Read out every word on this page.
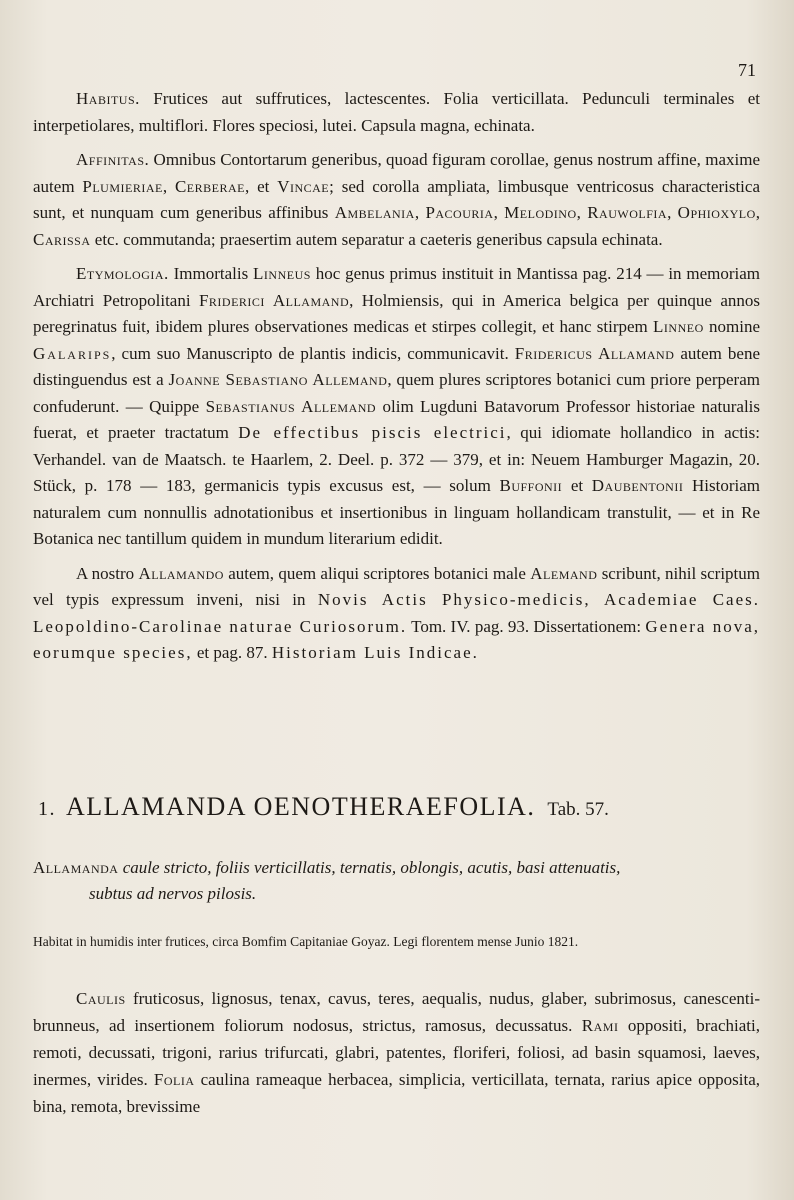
71

Habitus. Frutices aut suffrutices, lactescentes. Folia verticillata. Pedunculi terminales et interpetiolares, multiflori. Flores speciosi, lutei. Capsula magna, echinata.

Affinitas. Omnibus Contortarum generibus, quoad figuram corollae, genus nostrum affine, maxime autem Plumieriae, Cerberae, et Vincae; sed corolla ampliata, limbusque ventricosus characteristica sunt, et nunquam cum generibus affinibus Ambelania, Pacouria, Melodino, Rauwolfia, Ophioxylo, Carissa etc. commutanda; praesertim autem separatur a caeteris generibus capsula echinata.

Etymologia. Immortalis Linneus hoc genus primus instituit in Mantissa pag. 214 — in memoriam Archiatri Petropolitani Friderici Allamand, Holmiensis, qui in America belgica per quinque annos peregrinatus fuit, ibidem plures observationes medicas et stirpes collegit, et hanc stirpem Linneo nomine Galarips, cum suo Manuscripto de plantis indicis, communicavit. Fridericus Allamand autem bene distinguendus est a Joanne Sebastiano Allemand, quem plures scriptores botanici cum priore perperam confuderunt. — Quippe Sebastianus Allemand olim Lugduni Batavorum Professor historiae naturalis fuerat, et praeter tractatum De effectibus piscis electrici, qui idiomate hollandico in actis: Verhandel. van de Maatsch. te Haarlem, 2. Deel. p. 372 — 379, et in: Neuem Hamburger Magazin, 20. Stück, p. 178 — 183, germanicis typis excusus est, — solum Buffonii et Daubentonii Historiam naturalem cum nonnullis adnotationibus et insertionibus in linguam hollandicam transtulit, — et in Re Botanica nec tantillum quidem in mundum literarium edidit.

A nostro Allamando autem, quem aliqui scriptores botanici male Alemand scribunt, nihil scriptum vel typis expressum inveni, nisi in Novis Actis Physico-medicis, Academiae Caes. Leopoldino-Carolinae naturae Curiosorum. Tom. IV. pag. 93. Dissertationem: Genera nova, eorumque species, et pag. 87. Historiam Luis Indicae.

1. ALLAMANDA OENOTHERAEFOLIA. Tab. 57.
Allamanda caule stricto, foliis verticillatis, ternatis, oblongis, acutis, basi attenuatis,
subtus ad nervos pilosis.
Habitat in humidis inter frutices, circa Bomfim Capitaniae Goyaz. Legi florentem mense Junio 1821.

Caulis fruticosus, lignosus, tenax, cavus, teres, aequalis, nudus, glaber, subrimosus, canescenti-brunneus, ad insertionem foliorum nodosus, strictus, ramosus, decussatus. Rami oppositi, brachiati, remoti, decussati, trigoni, rarius trifurcati, glabri, patentes, floriferi, foliosi, ad basin squamosi, laeves, inermes, virides. Folia caulina rameaque herbacea, simplicia, verticillata, ternata, rarius apice opposita, bina, remota, brevissime
